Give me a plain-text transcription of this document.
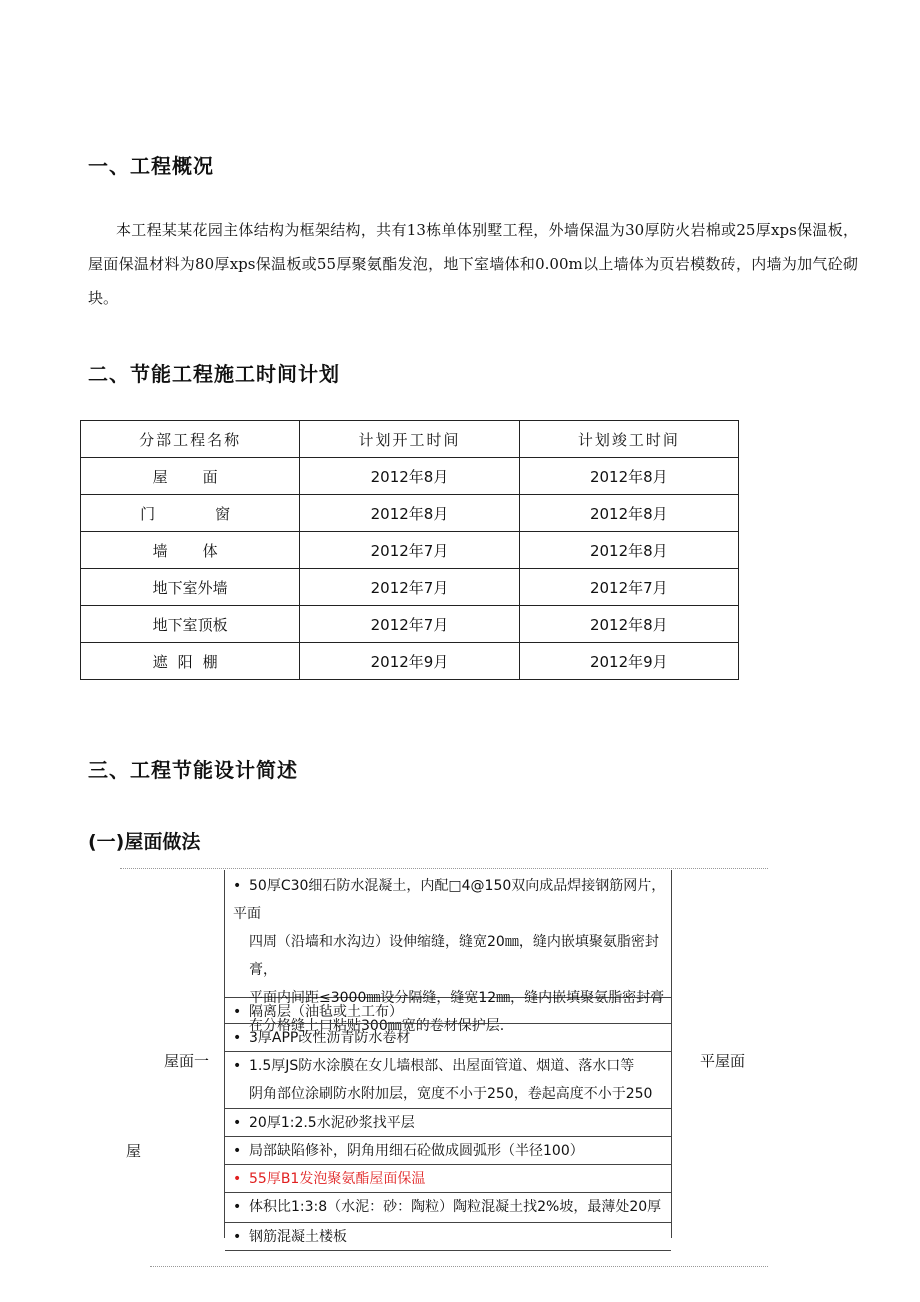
一、工程概况
本工程某某花园主体结构为框架结构，共有13栋单体别墅工程，外墙保温为30厚防火岩棉或25厚xps保温板，屋面保温材料为80厚xps保温板或55厚聚氨酯发泡，地下室墙体和0.00m以上墙体为页岩模数砖，内墙为加气砼砌块。
二、节能工程施工时间计划
分部工程名称	计划开工时间	计划竣工时间
屋　面	2012年8月	2012年8月
门　　窗	2012年8月	2012年8月
墙　体	2012年7月	2012年8月
地下室外墙	2012年7月	2012年7月
地下室顶板	2012年7月	2012年8月
遮阳棚	2012年9月	2012年9月
三、工程节能设计简述
(一)屋面做法
屋
屋面一	平屋面
• 50厚C30细石防水混凝土，内配□4@150双向成品焊接钢筋网片，平面
四周（沿墙和水沟边）设伸缩缝，缝宽20㎜，缝内嵌填聚氨脂密封膏，
平面内间距≤3000㎜设分隔缝，缝宽12㎜，缝内嵌填聚氨脂密封膏
在分格缝上口粘贴300㎜宽的卷材保护层.
• 隔离层（油毡或土工布）
• 3厚APP改性沥青防水卷材
• 1.5厚JS防水涂膜在女儿墙根部、出屋面管道、烟道、落水口等
阴角部位涂刷防水附加层，宽度不小于250，卷起高度不小于250
• 20厚1:2.5水泥砂浆找平层
• 局部缺陷修补，阴角用细石砼做成圆弧形（半径100）
• 55厚B1发泡聚氨酯屋面保温
• 体积比1:3:8（水泥：砂：陶粒）陶粒混凝土找2%坡，最薄处20厚
• 钢筋混凝土楼板
